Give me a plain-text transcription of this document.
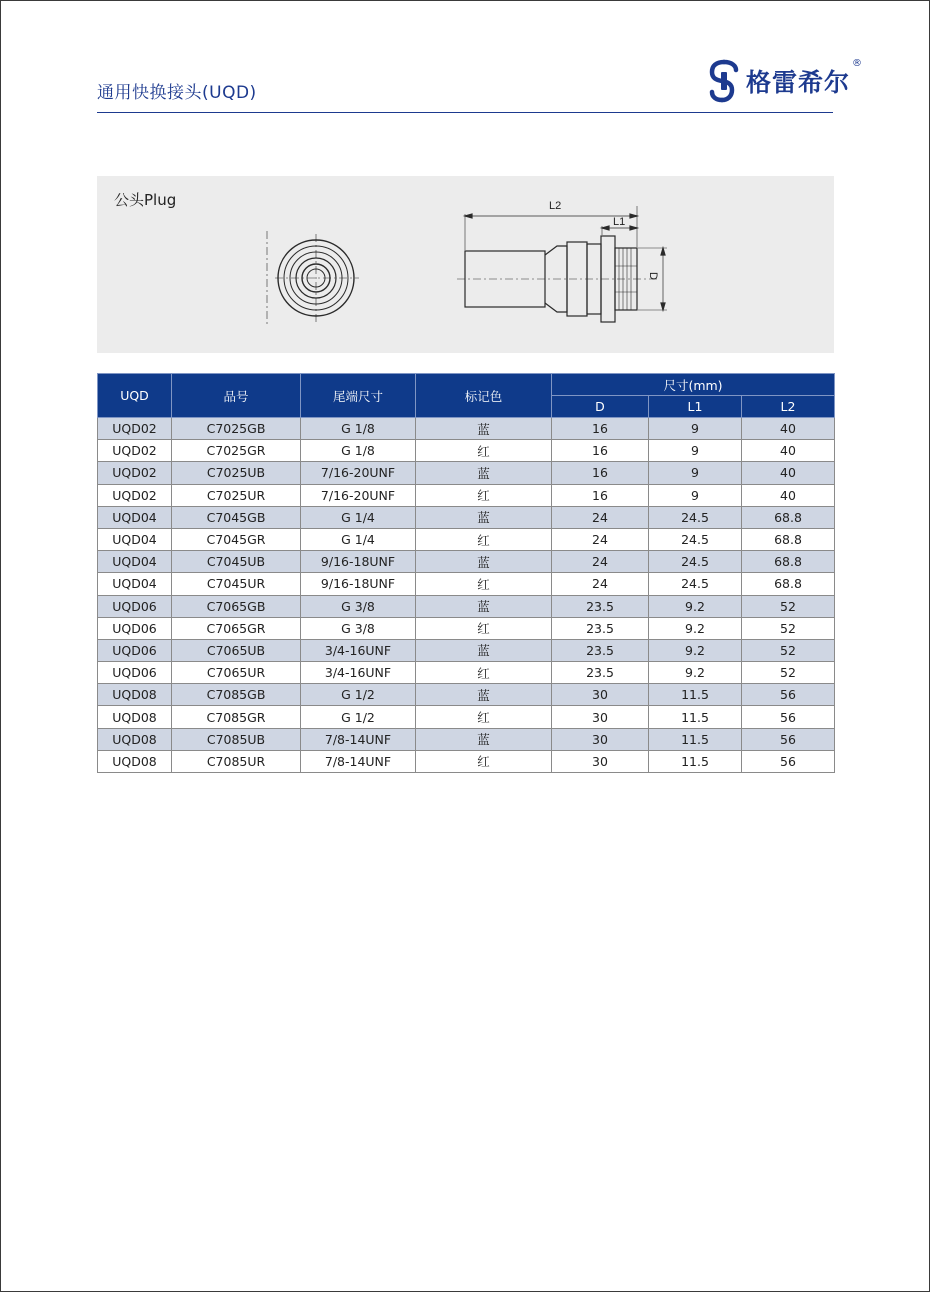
通用快换接头(UQD)	格雷希尔
®
L2
L1
D
公头Plug
UQD	品号	尾端尺寸	标记色	尺寸(mm)		
				D	L1	L2
UQD02	C7025GB	G 1/8	蓝	16	9	40
UQD02	C7025GR	G 1/8	红	16	9	40
UQD02	C7025UB	7/16-20UNF	蓝	16	9	40
UQD02	C7025UR	7/16-20UNF	红	16	9	40
UQD04	C7045GB	G 1/4	蓝	24	24.5	68.8
UQD04	C7045GR	G 1/4	红	24	24.5	68.8
UQD04	C7045UB	9/16-18UNF	蓝	24	24.5	68.8
UQD04	C7045UR	9/16-18UNF	红	24	24.5	68.8
UQD06	C7065GB	G 3/8	蓝	23.5	9.2	52
UQD06	C7065GR	G 3/8	红	23.5	9.2	52
UQD06	C7065UB	3/4-16UNF	蓝	23.5	9.2	52
UQD06	C7065UR	3/4-16UNF	红	23.5	9.2	52
UQD08	C7085GB	G 1/2	蓝	30	11.5	56
UQD08	C7085GR	G 1/2	红	30	11.5	56
UQD08	C7085UB	7/8-14UNF	蓝	30	11.5	56
UQD08	C7085UR	7/8-14UNF	红	30	11.5	56
